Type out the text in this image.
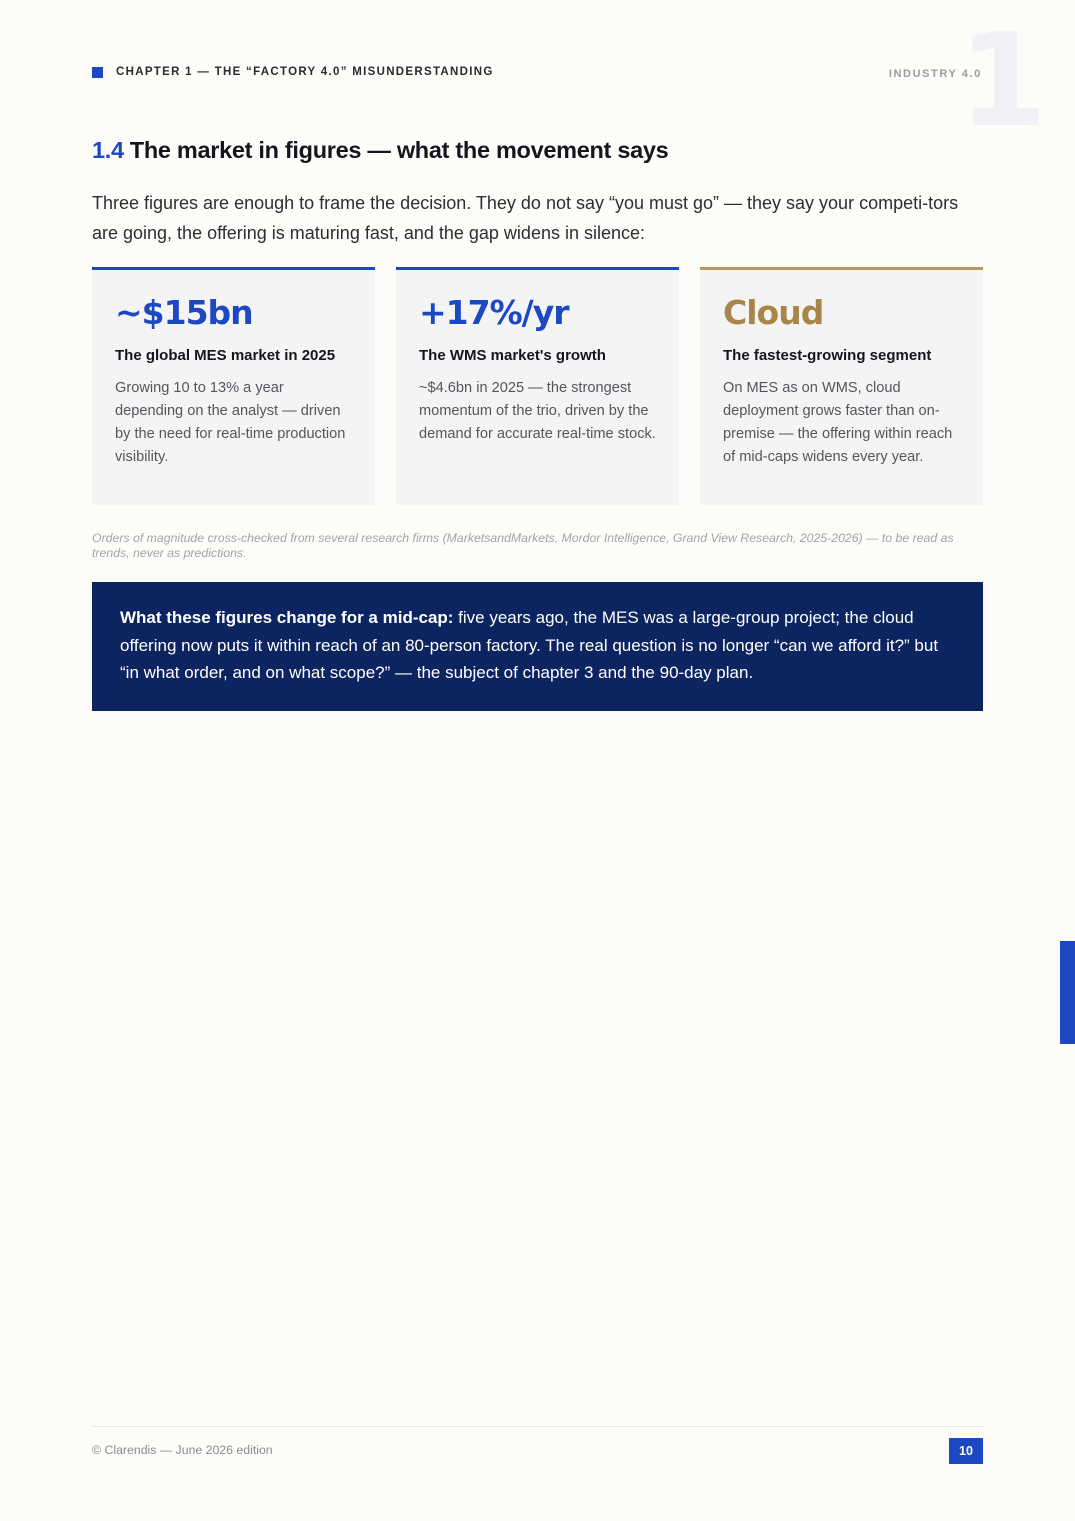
1
CHAPTER 1 — THE “FACTORY 4.0” MISUNDERSTANDING	INDUSTRY 4.0
1.4 The market in figures — what the movement says

Three figures are enough to frame the decision. They do not say “you must go” — they say your competi-tors are going, the offering is maturing fast, and the gap widens in silence:

~$15bn
The global MES market in 2025
Growing 10 to 13% a year depending on the analyst — driven by the need for real-time production visibility.
+17%/yr
The WMS market's growth
~$4.6bn in 2025 — the strongest momentum of the trio, driven by the demand for accurate real-time stock.
Cloud
The fastest-growing segment
On MES as on WMS, cloud deployment grows faster than on-premise — the offering within reach of mid-caps widens every year.

Orders of magnitude cross-checked from several research firms (MarketsandMarkets, Mordor Intelligence, Grand View Research, 2025-2026) — to be read as trends, never as predictions.

What these figures change for a mid-cap: five years ago, the MES was a large-group project; the cloud offering now puts it within reach of an 80-person factory. The real question is no longer “can we afford it?” but “in what order, and on what scope?” — the subject of chapter 3 and the 90-day plan.
© Clarendis — June 2026 edition	10
